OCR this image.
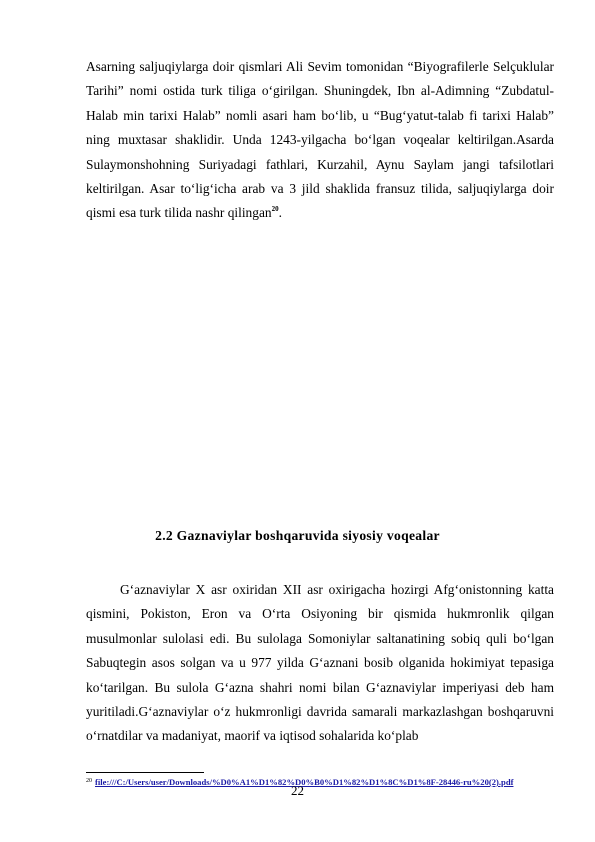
Asarning saljuqiylarga doir qismlari Ali Sevim tomonidan “Biyografilerle Selçuklular Tarihi” nomi ostida turk tiliga o‘girilgan. Shuningdek, Ibn al-Adimning “Zubdatul-Halab min tarixi Halab” nomli asari ham bo‘lib, u “Bug‘yatut-talab fi tarixi Halab” ning muxtasar shaklidir. Unda 1243-yilgacha bo‘lgan voqealar keltirilgan.Asarda Sulaymonshohning Suriyadagi fathlari, Kurzahil, Aynu Saylam jangi tafsilotlari keltirilgan. Asar to‘lig‘icha arab va 3 jild shaklida fransuz tilida, saljuqiylarga doir qismi esa turk tilida nashr qilingan$^{20}$.

2.2 Gaznaviylar boshqaruvida siyosiy voqealar

G‘aznaviylar X asr oxiridan XII asr oxirigacha hozirgi Afg‘onistonning katta qismini, Pokiston, Eron va O‘rta Osiyoning bir qismida hukmronlik qilgan musulmonlar sulolasi edi. Bu sulolaga Somoniylar saltanatining sobiq quli bo‘lgan Sabuqtegin asos solgan va u 977 yilda G‘aznani bosib olganida hokimiyat tepasiga ko‘tarilgan. Bu sulola G‘azna shahri nomi bilan G‘aznaviylar imperiyasi deb ham yuritiladi.G‘aznaviylar o‘z hukmronligi davrida samarali markazlashgan boshqaruvni o‘rnatdilar va madaniyat, maorif va iqtisod sohalarida ko‘plab

$^{20}$ file:///C:/Users/user/Downloads/%D0%A1%D1%82%D0%B0%D1%82%D1%8C%D1%8F-28446-ru%20(2).pdf
22
